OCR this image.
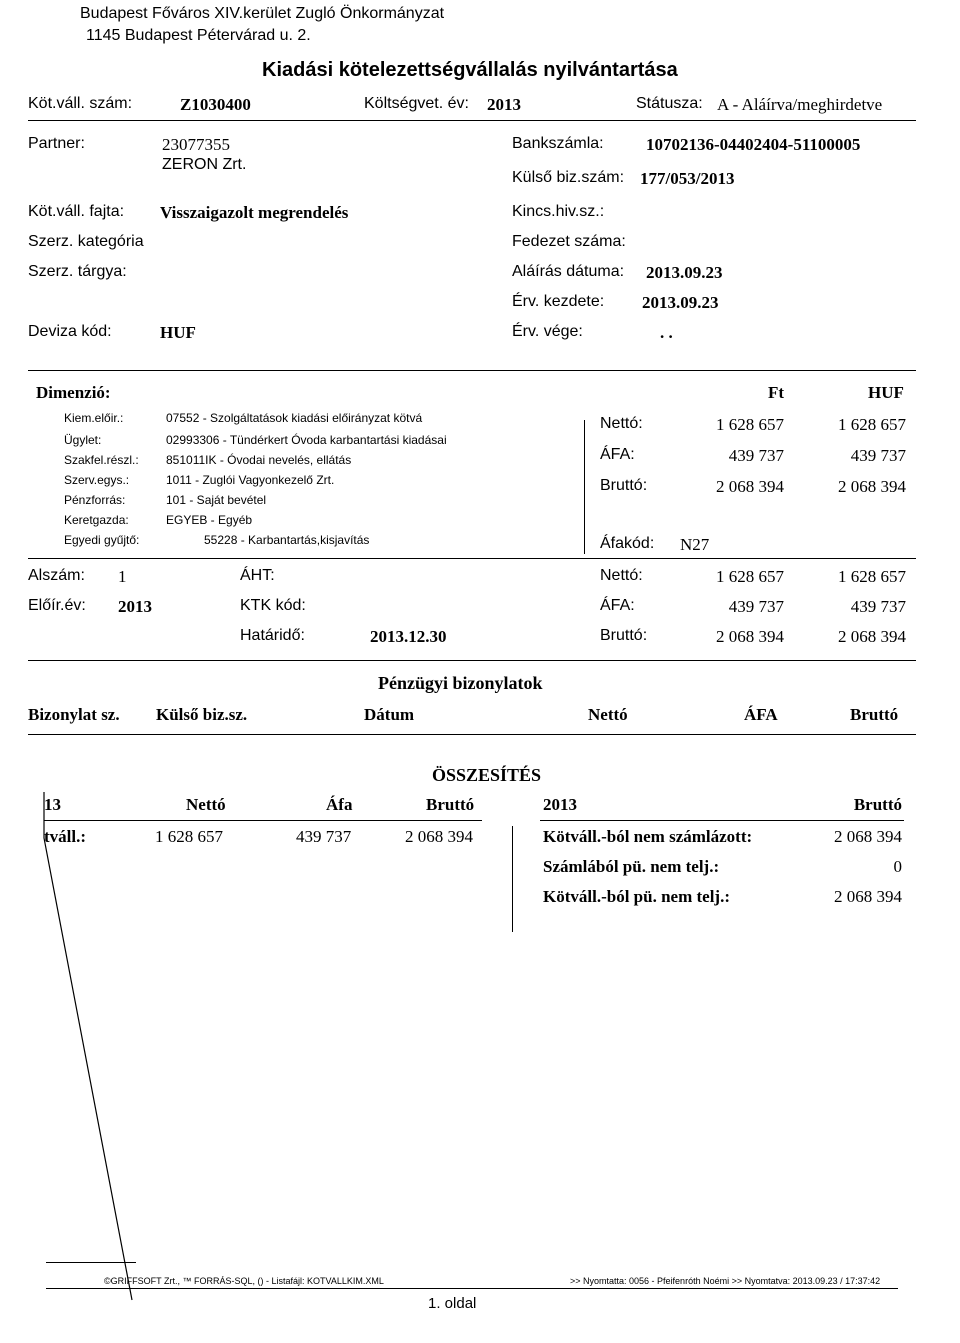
Budapest Főváros XIV.kerület Zugló Önkormányzat
1145 Budapest Pétervárad u. 2.
Kiadási kötelezettségvállalás nyilvántartása
Köt.váll. szám:	Z1030400	Költségvet. év: 2013	Státusza: A - Aláírva/meghirdetve
Partner:	23077355
ZERON Zrt.
Köt.váll. fajta: Visszaigazolt megrendelés
Szerz. kategória
Szerz. tárgya:
Deviza kód:	HUF
Bankszámla: 10702136-04402404-51100005
Külső biz.szám: 177/053/2013
Kincs.hiv.sz.:
Fedezet száma:
Aláírás dátuma: 2013.09.23
Érv. kezdete: 2013.09.23
Érv. vége:	. .
Dimenzió:	Ft	HUF
Kiem.előir.:	07552 - Szolgáltatások kiadási előirányzat kötvá
Ügylet:	02993306 - Tündérkert Óvoda karbantartási kiadásai
Szakfel.részl.: 851011IK - Óvodai nevelés, ellátás
Szerv.egys.:	1011 - Zuglói Vagyonkezelő Zrt.
Pénzforrás:	101 - Saját bevétel
Keretgazda:	EGYEB - Egyéb
Egyedi gyűjtő:	55228 - Karbantartás,kisjavítás
Nettó:	1 628 657	1 628 657
ÁFA:	439 737	439 737
Bruttó:	2 068 394	2 068 394
Áfakód: N27
Alszám: 1
Előír.év: 2013
ÁHT:
KTK kód:
Határidő:	2013.12.30
Nettó:	1 628 657	1 628 657
ÁFA:	439 737	439 737
Bruttó:	2 068 394	2 068 394
Pénzügyi bizonylatok
Bizonylat sz. Külső biz.sz.	Dátum	Nettó	ÁFA	Bruttó
ÖSSZESÍTÉS
13	Nettó	Áfa	Bruttó
tváll.:	1 628 657	439 737	2 068 394
2013	Bruttó
Kötváll.-ból nem számlázott:	2 068 394
Számlából pü. nem telj.:	0
Kötváll.-ból pü. nem telj.:	2 068 394
©GRIFFSOFT Zrt., ™ FORRÁS-SQL, () - Listafájl: KOTVALLKIM.XML	>> Nyomtatta: 0056 - Pfeifenróth Noémi >> Nyomtatva: 2013.09.23 / 17:37:42
1. oldal
